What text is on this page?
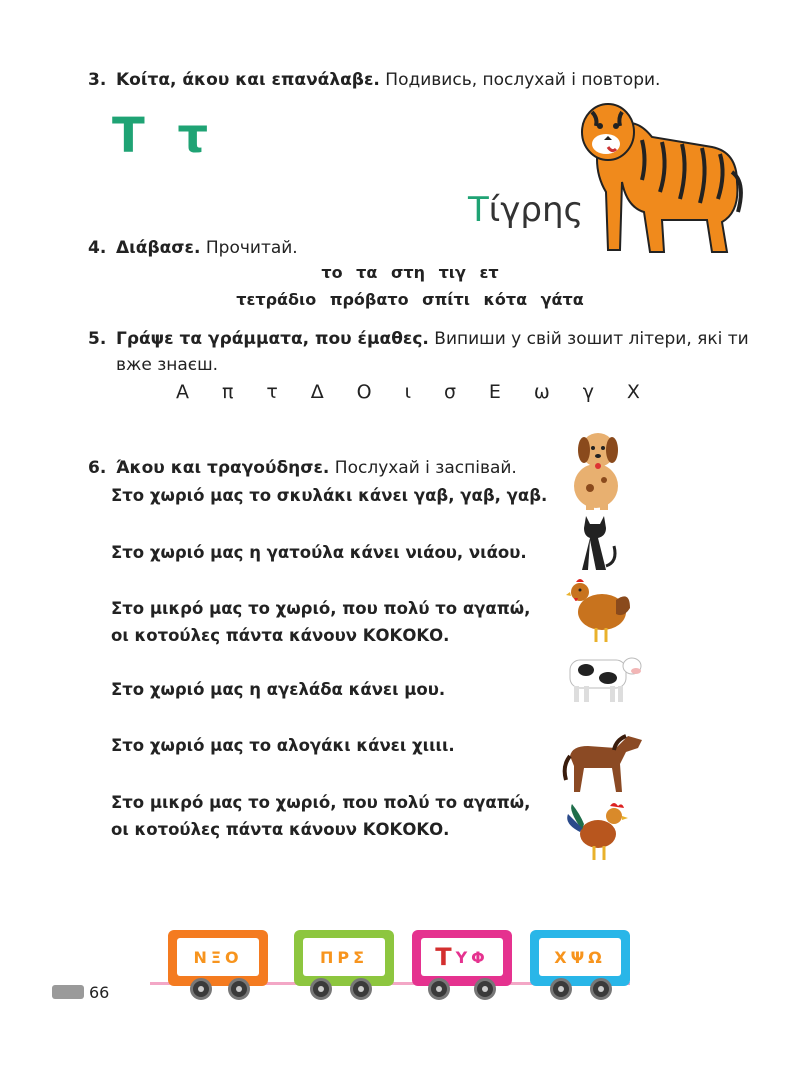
3. Κοίτα, άκου και επανάλαβε. Подивись, послухай і повтори.
Τ τ
Τίγρης
4. Διάβασε. Прочитай.
το τα στη τιγ ετ
τετράδιο πρόβατο σπίτι κότα γάτα
5. Γράψε τα γράμματα, που έμαθες. Випиши у свій зошит літери, які ти
вже знаєш.
Α π τ Δ Ο ι σ Ε ω γ Χ
6. Άκου και τραγούδησε. Послухай і заспівай.
Στο χωριό μας το σκυλάκι κάνει γαβ, γαβ, γαβ.
Στο χωριό μας η γατούλα κάνει νιάου, νιάου.
Στο μικρό μας το χωριό, που πολύ το αγαπώ,
οι κοτούλες πάντα κάνουν ΚΟΚΟΚΟ.
Στο χωριό μας η αγελάδα κάνει μου.
Στο χωριό μας το αλογάκι κάνει χιιιι.
Στο μικρό μας το χωριό, που πολύ το αγαπώ,
οι κοτούλες πάντα κάνουν ΚΟΚΟΚΟ.
ΝΞΟ	ΠΡΣ	Τ ΥΦ	ΧΨΩ
66
